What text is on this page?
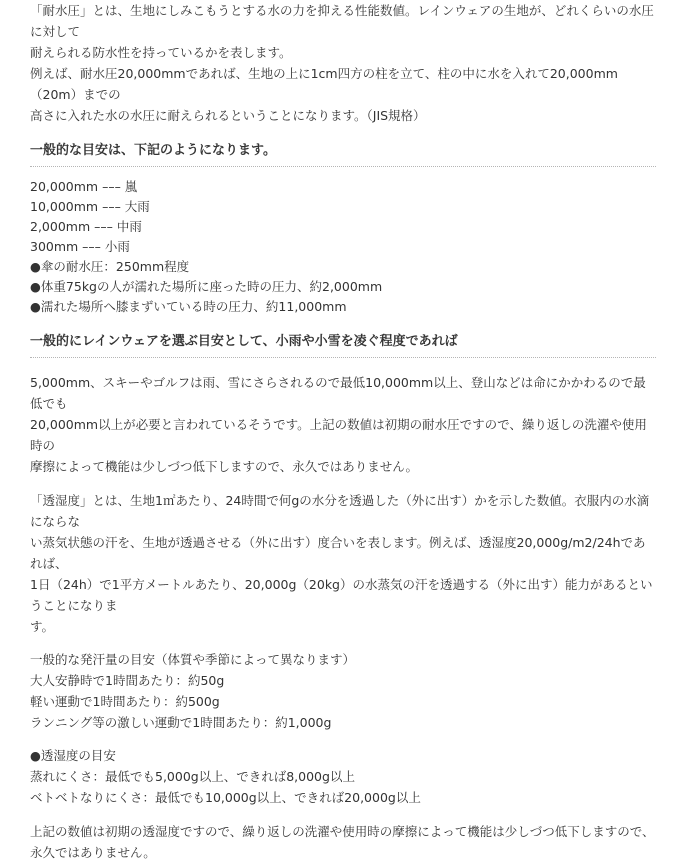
「耐水圧」とは、生地にしみこもうとする水の力を抑える性能数値。レインウェアの生地が、どれくらいの水圧に対して

耐えられる防水性を持っているかを表します。

例えば、耐水圧20,000mmであれば、生地の上に1cm四方の柱を立て、柱の中に水を入れて20,000mm（20m）までの

高さに入れた水の水圧に耐えられるということになります。（JIS規格）

一般的な目安は、下記のようになります。

20,000mm ––– 嵐

10,000mm ––– 大雨

2,000mm ––– 中雨

300mm ––– 小雨

●傘の耐水圧：250mm程度

●体重75kgの人が濡れた場所に座った時の圧力、約2,000mm

●濡れた場所へ膝まずいている時の圧力、約11,000mm

一般的にレインウェアを選ぶ目安として、小雨や小雪を凌ぐ程度であれば

5,000mm、スキーやゴルフは雨、雪にさらされるので最低10,000mm以上、登山などは命にかかわるので最低でも

20,000mm以上が必要と言われているそうです。上記の数値は初期の耐水圧ですので、繰り返しの洗濯や使用時の

摩擦によって機能は少しづつ低下しますので、永久ではありません。

「透湿度」とは、生地1㎡あたり、24時間で何gの水分を透過した（外に出す）かを示した数値。衣服内の水滴にならな

い蒸気状態の汗を、生地が透過させる（外に出す）度合いを表します。例えば、透湿度20,000g/m2/24hであれば、

1日（24h）で1平方メートルあたり、20,000g（20kg）の水蒸気の汗を透過する（外に出す）能力があるということになりま

す。

一般的な発汗量の目安（体質や季節によって異なります）

大人安静時で1時間あたり：約50g

軽い運動で1時間あたり：約500g

ランニング等の激しい運動で1時間あたり：約1,000g

●透湿度の目安

蒸れにくさ：最低でも5,000g以上、できれば8,000g以上

ベトベトなりにくさ：最低でも10,000g以上、できれば20,000g以上

上記の数値は初期の透湿度ですので、繰り返しの洗濯や使用時の摩擦によって機能は少しづつ低下しますので、

永久ではありません。
